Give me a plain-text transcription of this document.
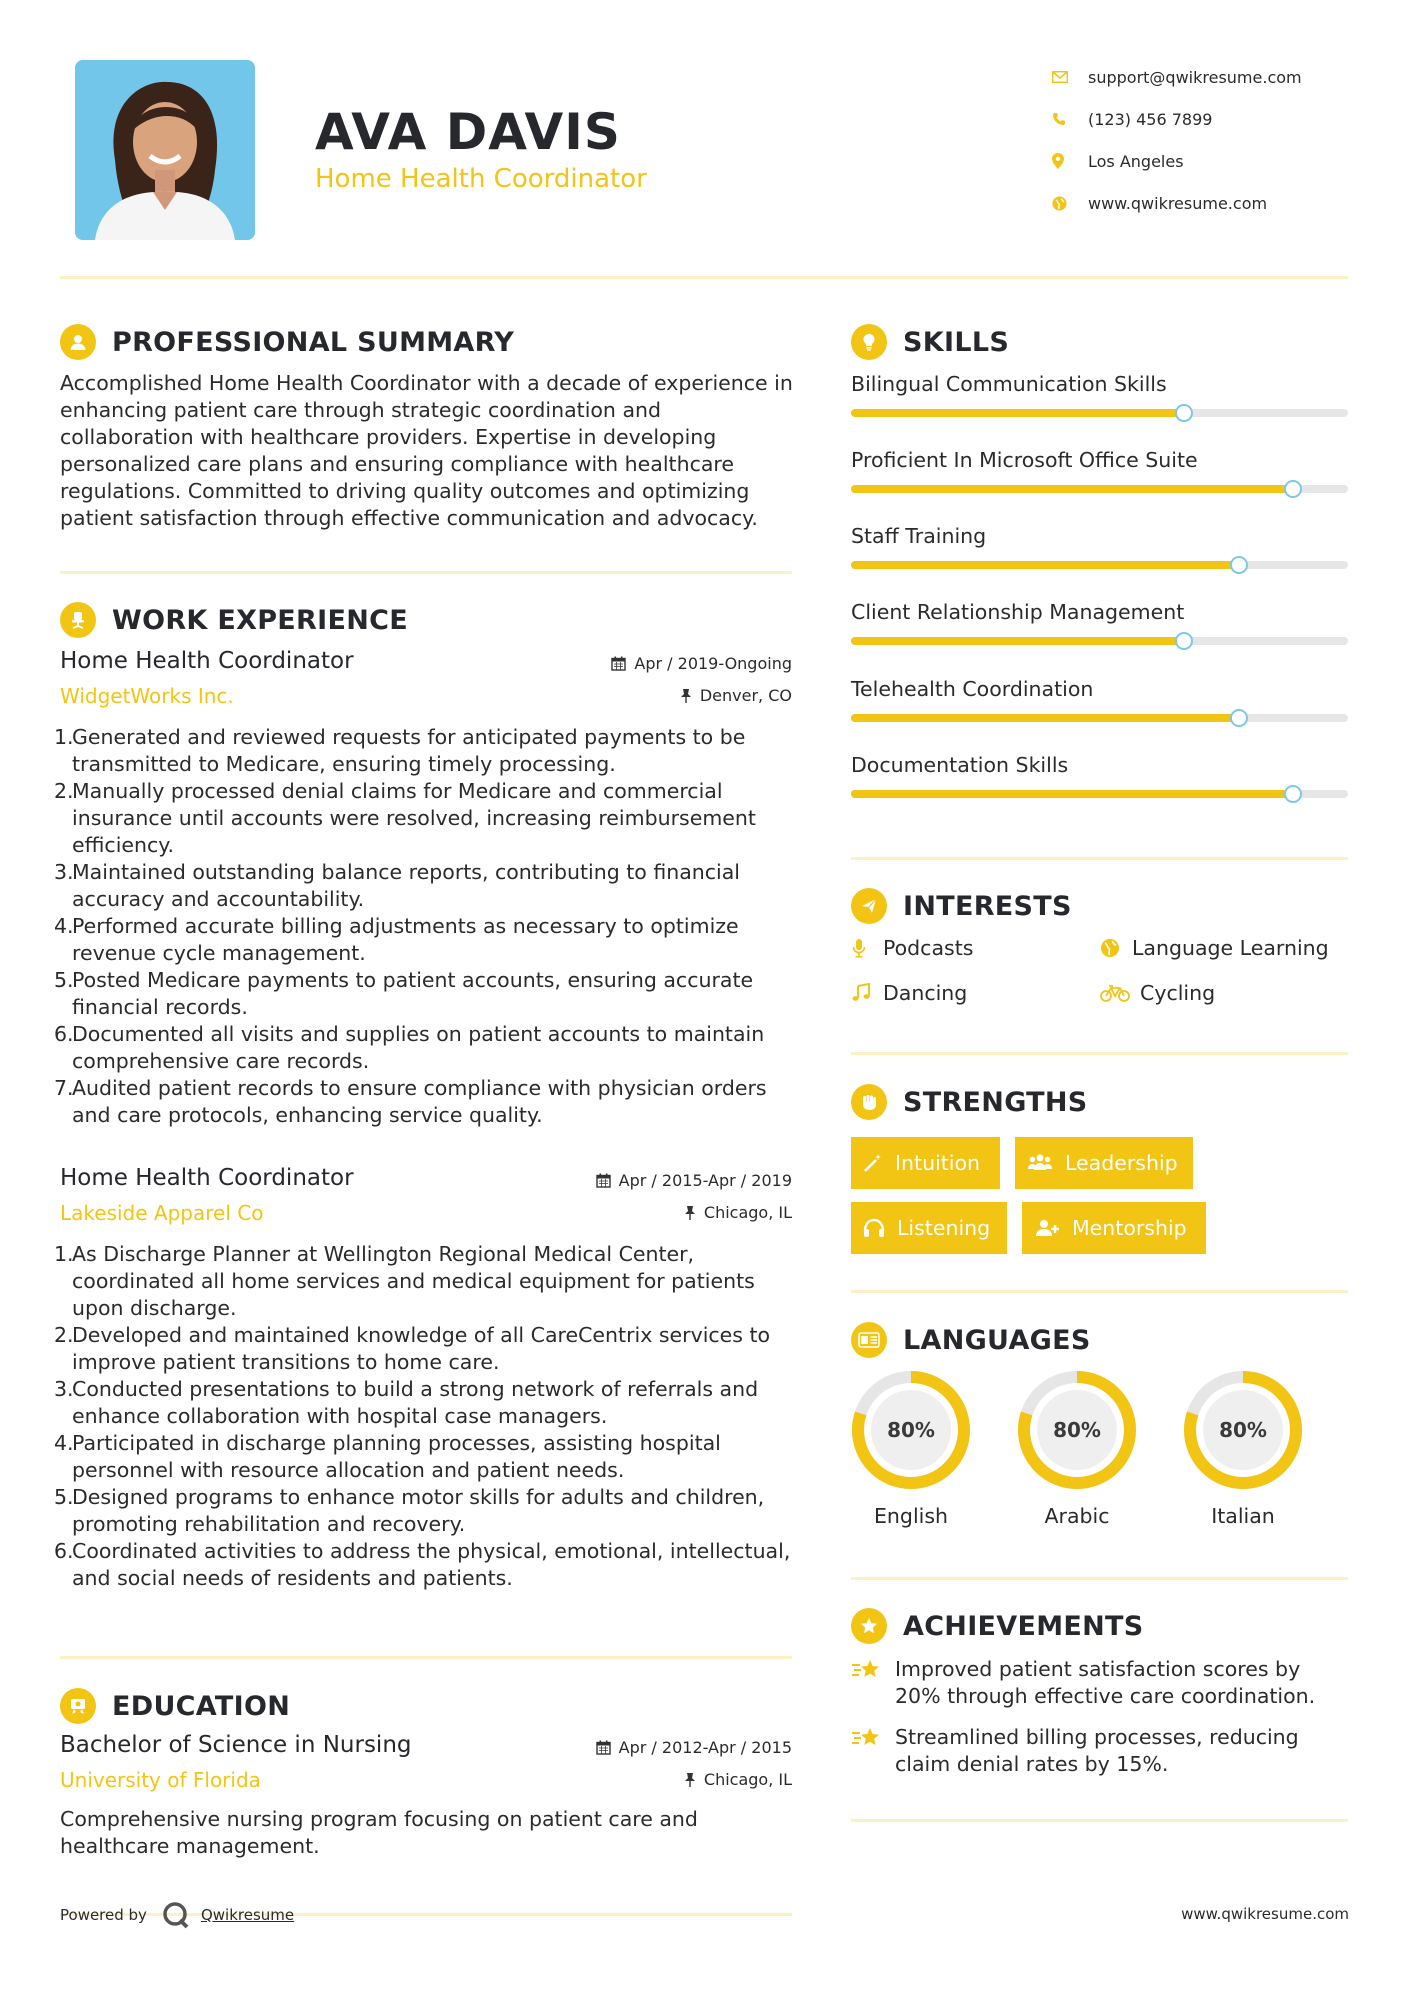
AVA DAVIS
Home Health Coordinator
support@qwikresume.com
(123) 456 7899
Los Angeles
www.qwikresume.com
PROFESSIONAL SUMMARY
Accomplished Home Health Coordinator with a decade of experience in enhancing patient care through strategic coordination and collaboration with healthcare providers. Expertise in developing personalized care plans and ensuring compliance with healthcare regulations. Committed to driving quality outcomes and optimizing patient satisfaction through effective communication and advocacy.
WORK EXPERIENCE
Home Health Coordinator
WidgetWorks Inc.
Apr / 2019-Ongoing
Denver, CO
1.
Generated and reviewed requests for anticipated payments to be transmitted to Medicare, ensuring timely processing.
2.
Manually processed denial claims for Medicare and commercial insurance until accounts were resolved, increasing reimbursement efficiency.
3.
Maintained outstanding balance reports, contributing to financial accuracy and accountability.
4.
Performed accurate billing adjustments as necessary to optimize revenue cycle management.
5.
Posted Medicare payments to patient accounts, ensuring accurate financial records.
6.
Documented all visits and supplies on patient accounts to maintain comprehensive care records.
7.
Audited patient records to ensure compliance with physician orders and care protocols, enhancing service quality.
Home Health Coordinator
Lakeside Apparel Co
Apr / 2015-Apr / 2019
Chicago, IL
1.
As Discharge Planner at Wellington Regional Medical Center, coordinated all home services and medical equipment for patients upon discharge.
2.
Developed and maintained knowledge of all CareCentrix services to improve patient transitions to home care.
3.
Conducted presentations to build a strong network of referrals and enhance collaboration with hospital case managers.
4.
Participated in discharge planning processes, assisting hospital personnel with resource allocation and patient needs.
5.
Designed programs to enhance motor skills for adults and children, promoting rehabilitation and recovery.
6.
Coordinated activities to address the physical, emotional, intellectual, and social needs of residents and patients.
EDUCATION
Bachelor of Science in Nursing
University of Florida
Apr / 2012-Apr / 2015
Chicago, IL
Comprehensive nursing program focusing on patient care and healthcare management.
SKILLS
Bilingual Communication Skills
Proficient In Microsoft Office Suite
Staff Training
Client Relationship Management
Telehealth Coordination
Documentation Skills
INTERESTS
Podcasts	Language Learning
Dancing	Cycling
STRENGTHS
Intuition	Leadership
Listening	Mentorship
LANGUAGES
80%
English
80%
Arabic
80%
Italian
ACHIEVEMENTS
Improved patient satisfaction scores by 20% through effective care coordination.
Streamlined billing processes, reducing claim denial rates by 15%.
Powered by	Qwikresume	www.qwikresume.com
